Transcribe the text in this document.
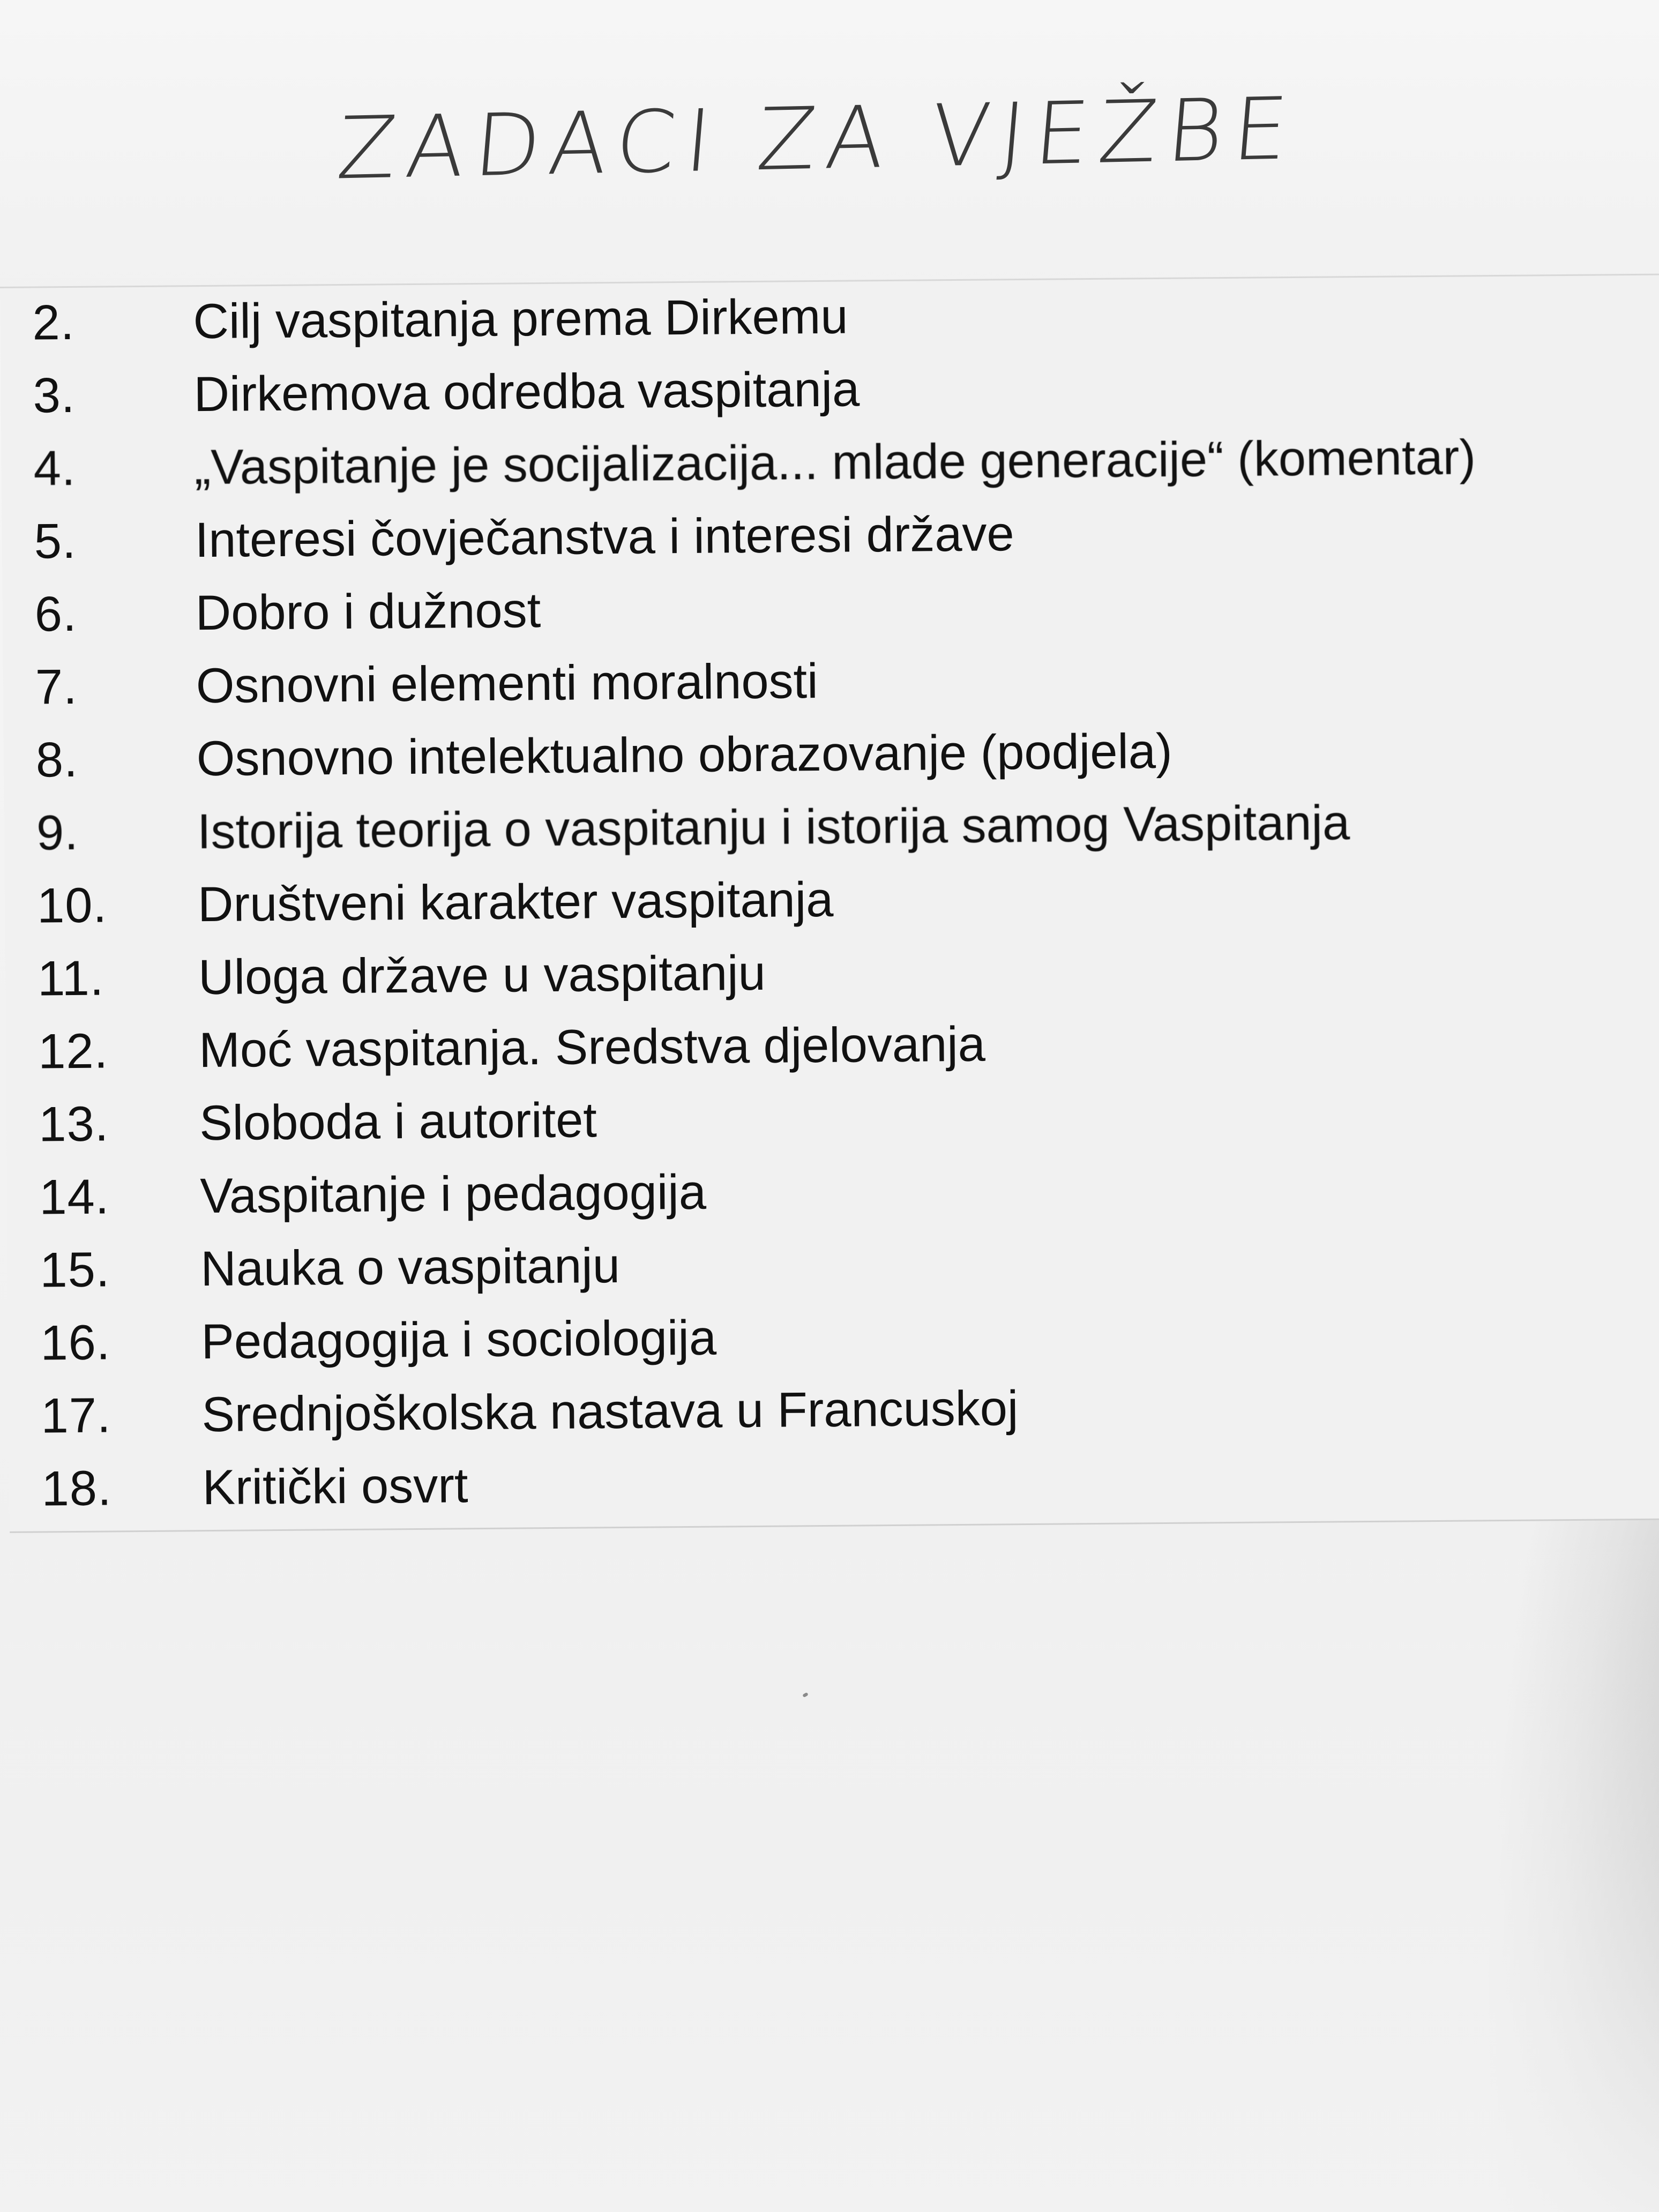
ZADACI ZA VJEŽBE
2. Cilj vaspitanja prema Dirkemu
3. Dirkemova odredba vaspitanja
4. „Vaspitanje je socijalizacija... mlade generacije“ (komentar)
5. Interesi čovječanstva i interesi države
6. Dobro i dužnost
7. Osnovni elementi moralnosti
8. Osnovno intelektualno obrazovanje (podjela)
9. Istorija teorija o vaspitanju i istorija samog Vaspitanja
10. Društveni karakter vaspitanja
11. Uloga države u vaspitanju
12. Moć vaspitanja. Sredstva djelovanja
13. Sloboda i autoritet
14. Vaspitanje i pedagogija
15. Nauka o vaspitanju
16. Pedagogija i sociologija
17. Srednjoškolska nastava u Francuskoj
18. Kritički osvrt
